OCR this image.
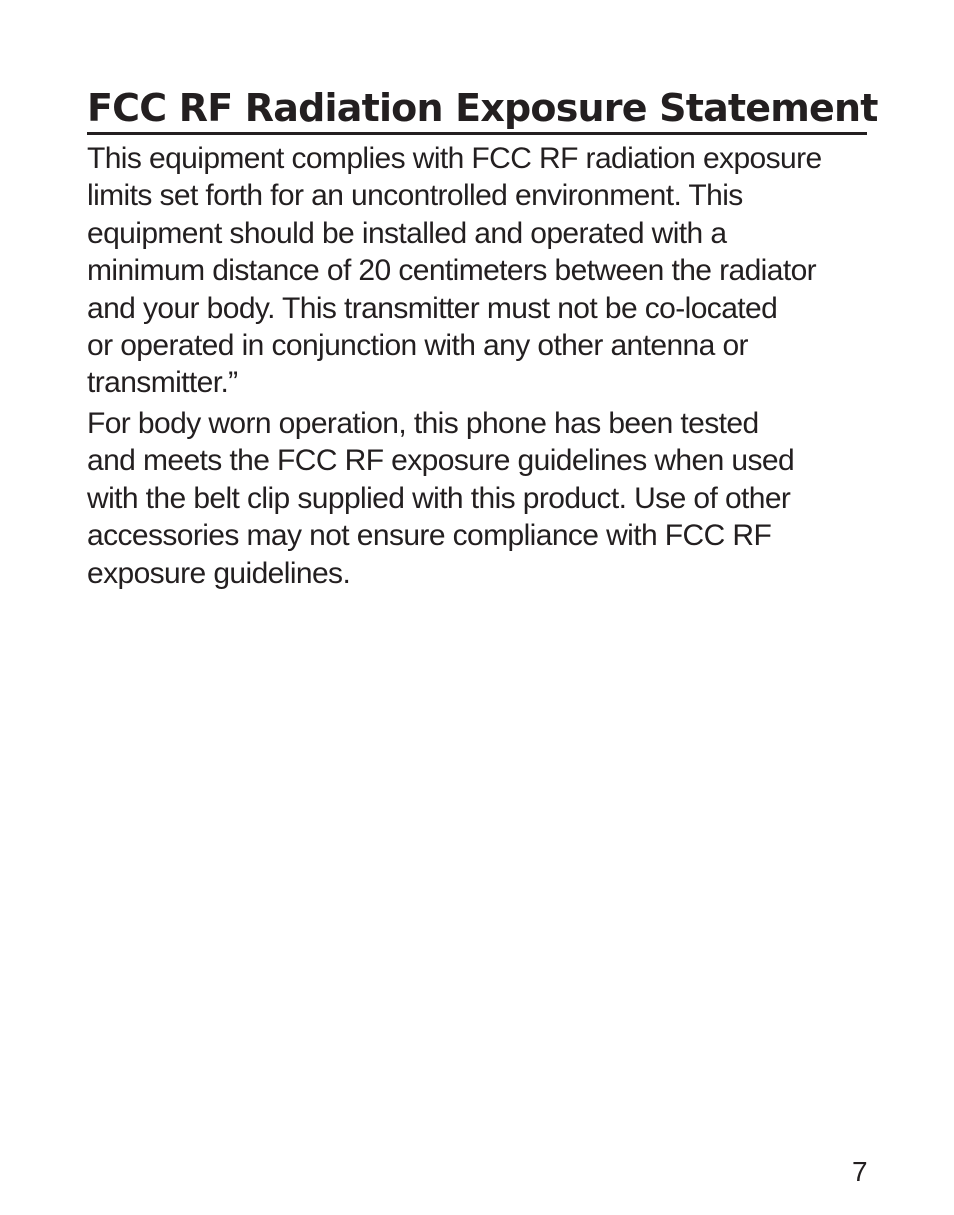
FCC RF Radiation Exposure Statement
This equipment complies with FCC RF radiation exposure
limits set forth for an uncontrolled environment. This
equipment should be installed and operated with a
minimum distance of 20 centimeters between the radiator
and your body. This transmitter must not be co-located
or operated in conjunction with any other antenna or
transmitter.”
For body worn operation, this phone has been tested
and meets the FCC RF exposure guidelines when used
with the belt clip supplied with this product. Use of other
accessories may not ensure compliance with FCC RF
exposure guidelines.
7
